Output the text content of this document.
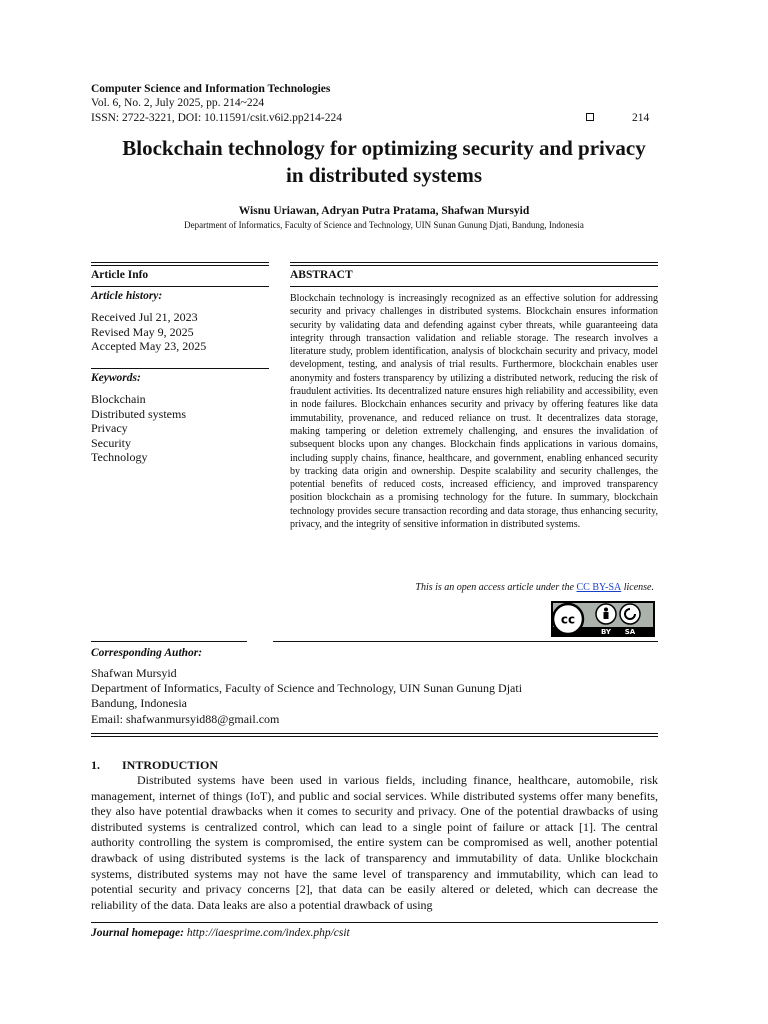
Computer Science and Information Technologies
Vol. 6, No. 2, July 2025, pp. 214~224
ISSN: 2722-3221, DOI: 10.11591/csit.v6i2.pp214-224	214
Blockchain technology for optimizing security and privacy
in distributed systems
Wisnu Uriawan, Adryan Putra Pratama, Shafwan Mursyid
Department of Informatics, Faculty of Science and Technology, UIN Sunan Gunung Djati, Bandung, Indonesia
Article Info
Article history:
Received Jul 21, 2023
Revised May 9, 2025
Accepted May 23, 2025
Keywords:
Blockchain
Distributed systems
Privacy
Security
Technology
ABSTRACT

Blockchain technology is increasingly recognized as an effective solution for addressing security and privacy challenges in distributed systems. Blockchain ensures information security by validating data and defending against cyber threats, while guaranteeing data integrity through transaction validation and reliable storage. The research involves a literature study, problem identification, analysis of blockchain security and privacy, model development, testing, and analysis of trial results. Furthermore, blockchain enables user anonymity and fosters transparency by utilizing a distributed network, reducing the risk of fraudulent activities. Its decentralized nature ensures high reliability and accessibility, even in node failures. Blockchain enhances security and privacy by offering features like data immutability, provenance, and reduced reliance on trust. It decentralizes data storage, making tampering or deletion extremely challenging, and ensures the invalidation of subsequent blocks upon any changes. Blockchain finds applications in various domains, including supply chains, finance, healthcare, and government, enabling enhanced security by tracking data origin and ownership. Despite scalability and security challenges, the potential benefits of reduced costs, increased efficiency, and improved transparency position blockchain as a promising technology for the future. In summary, blockchain technology provides secure transaction recording and data storage, thus enhancing security, privacy, and the integrity of sensitive information in distributed systems.

This is an open access article under the CC BY-SA license.
cc
BY SA
Corresponding Author:
Shafwan Mursyid
Department of Informatics, Faculty of Science and Technology, UIN Sunan Gunung Djati
Bandung, Indonesia
Email: shafwanmursyid88@gmail.com
1. INTRODUCTION

Distributed systems have been used in various fields, including finance, healthcare, automobile, risk management, internet of things (IoT), and public and social services. While distributed systems offer many benefits, they also have potential drawbacks when it comes to security and privacy. One of the potential drawbacks of using distributed systems is centralized control, which can lead to a single point of failure or attack [1]. The central authority controlling the system is compromised, the entire system can be compromised as well, another potential drawback of using distributed systems is the lack of transparency and immutability of data. Unlike blockchain systems, distributed systems may not have the same level of transparency and immutability, which can lead to potential security and privacy concerns [2], that data can be easily altered or deleted, which can decrease the reliability of the data. Data leaks are also a potential drawback of using

Journal homepage: http://iaesprime.com/index.php/csit
